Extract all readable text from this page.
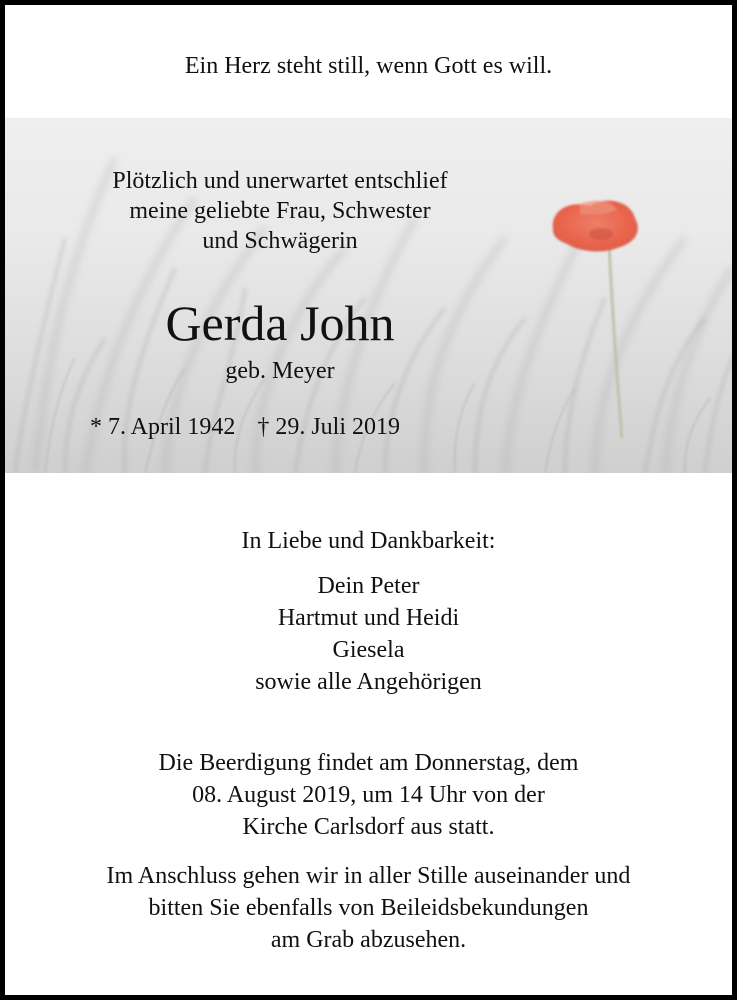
Ein Herz steht still, wenn Gott es will.
Plötzlich und unerwartet entschlief
meine geliebte Frau, Schwester
und Schwägerin
Gerda John
geb. Meyer
* 7. April 1942 † 29. Juli 2019
In Liebe und Dankbarkeit:
Dein Peter
Hartmut und Heidi
Giesela
sowie alle Angehörigen
Die Beerdigung findet am Donnerstag, dem
08. August 2019, um 14 Uhr von der
Kirche Carlsdorf aus statt.
Im Anschluss gehen wir in aller Stille auseinander und
bitten Sie ebenfalls von Beileidsbekundungen
am Grab abzusehen.
